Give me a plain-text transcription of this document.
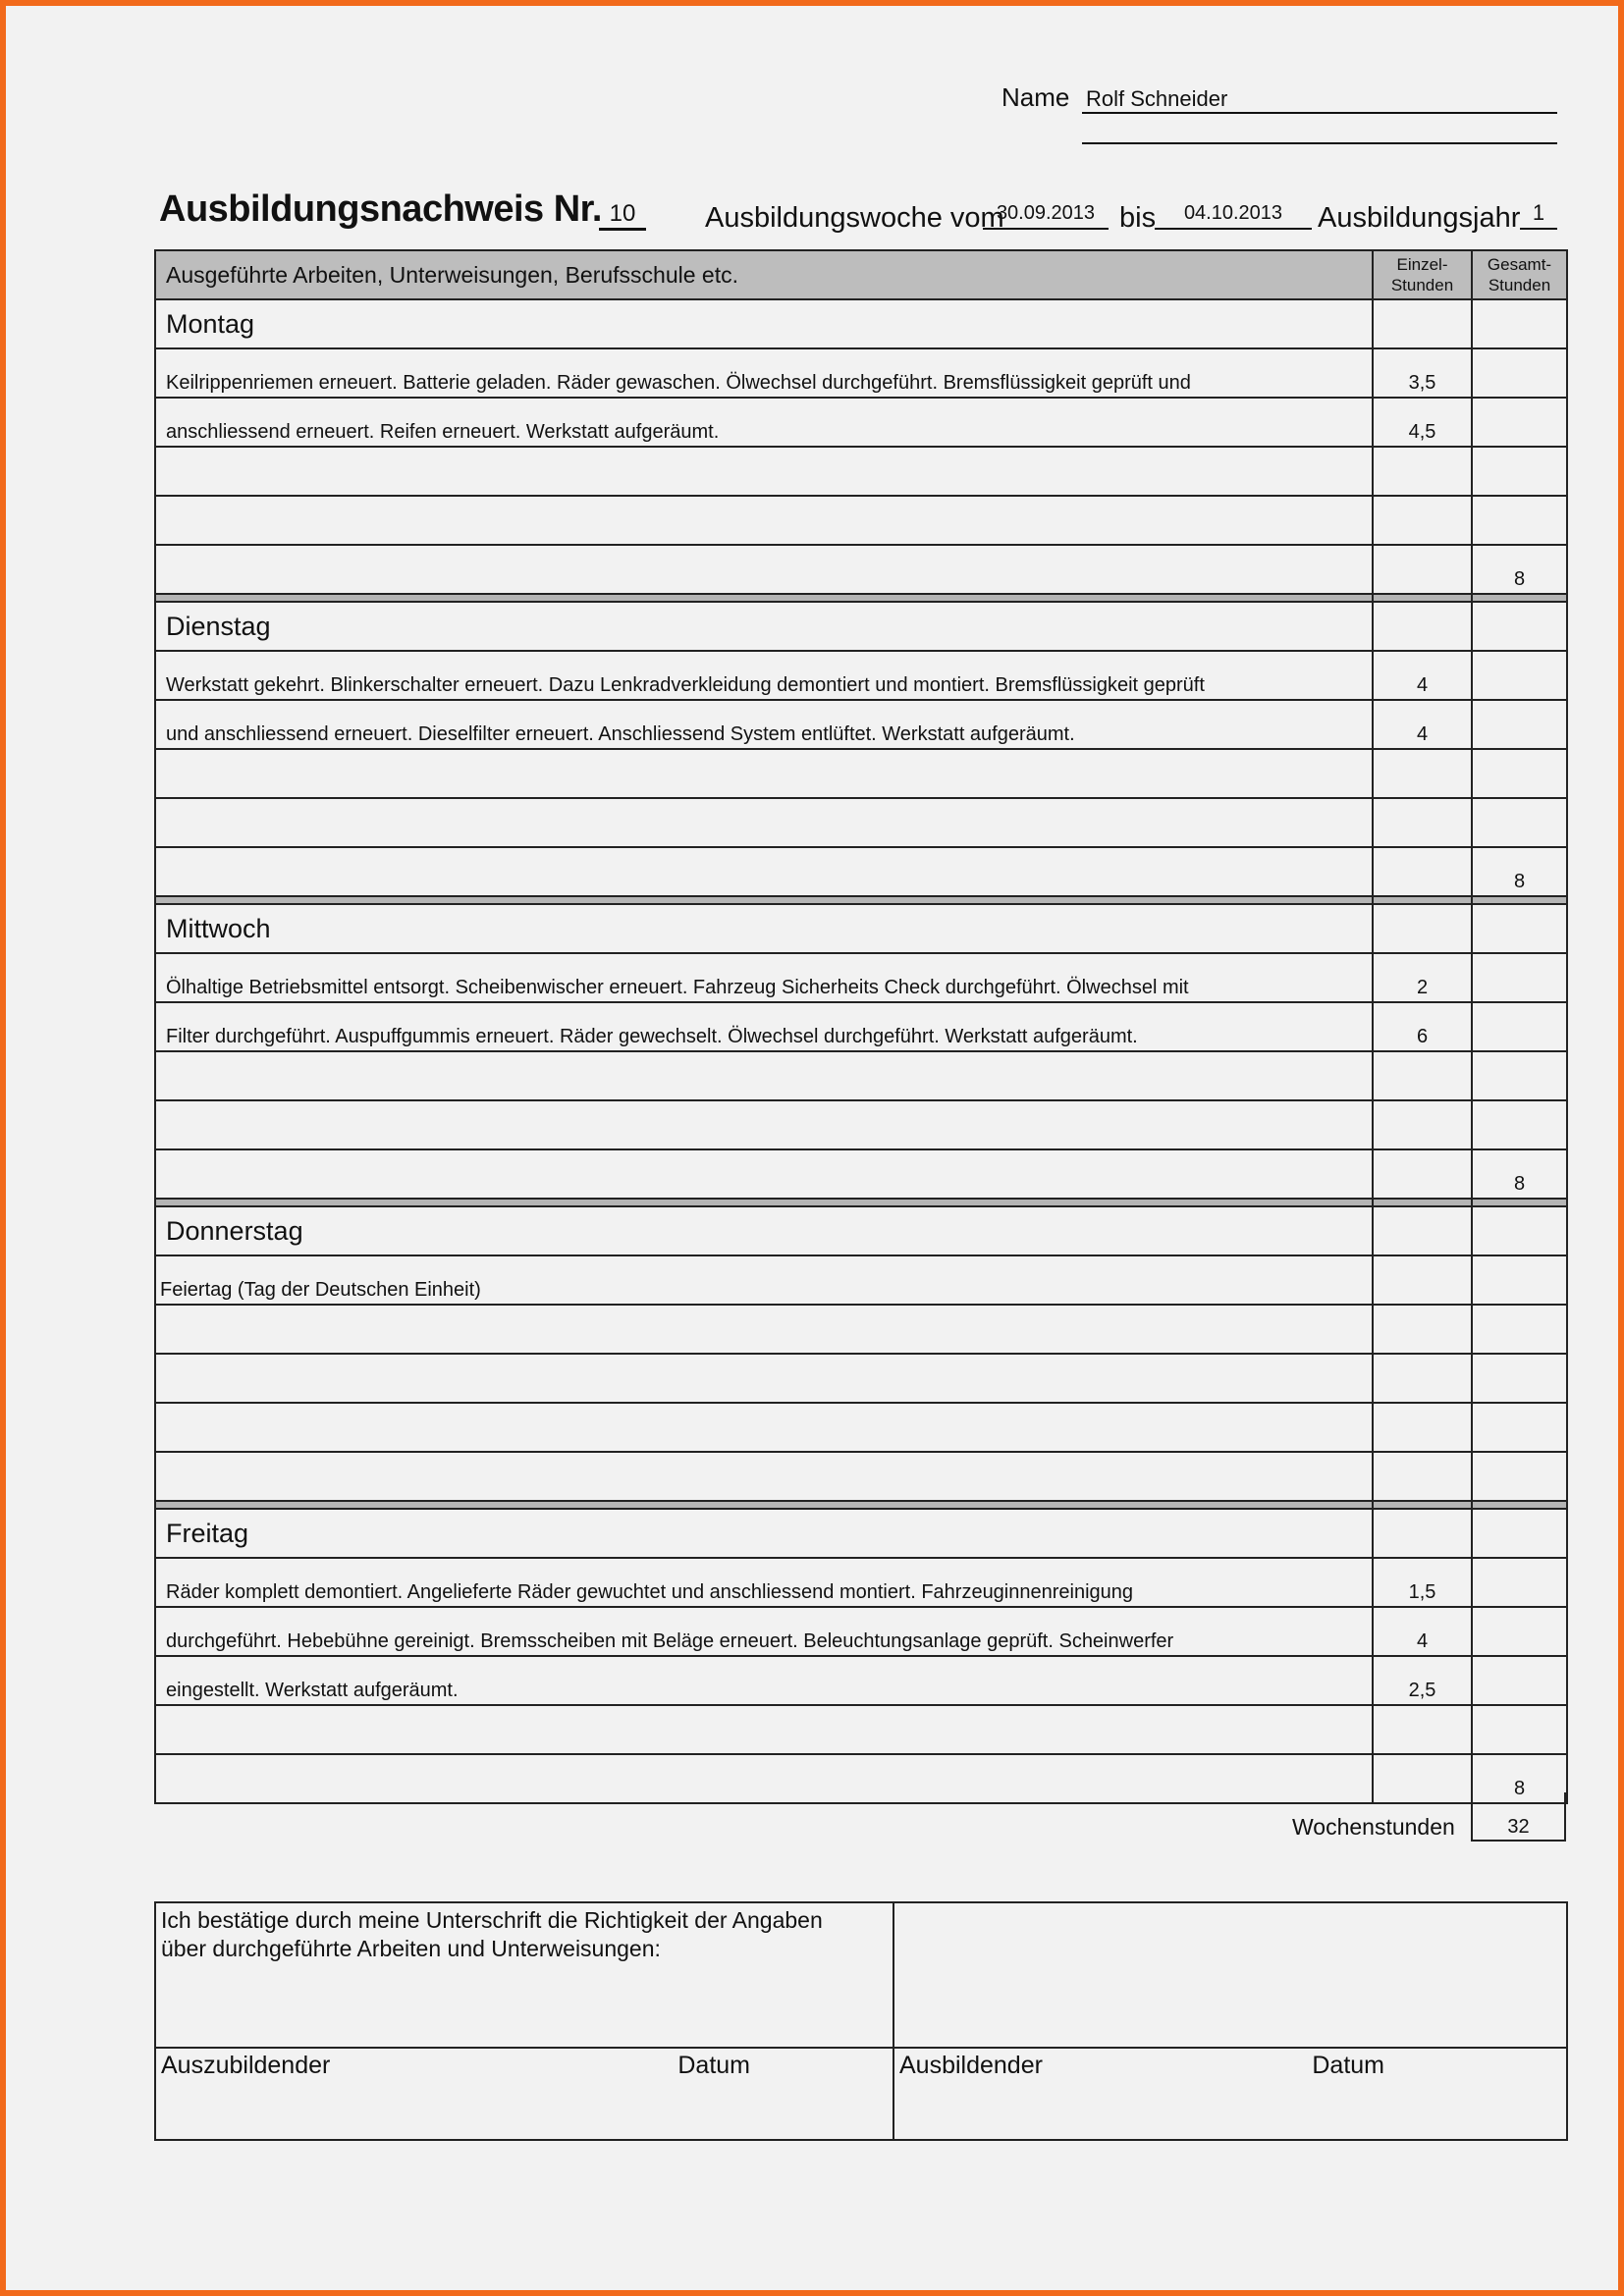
Name Rolf Schneider
Ausbildungsnachweis Nr. 10	Ausbildungswoche vom
30.09.2013 bis	04.10.2013	Ausbildungsjahr 1
Ausgeführte Arbeiten, Unterweisungen, Berufsschule etc.	Einzel-
Stunden	Gesamt-
Stunden
Montag		
Keilrippenriemen erneuert. Batterie geladen. Räder gewaschen. Ölwechsel durchgeführt. Bremsflüssigkeit geprüft und	3,5	
anschliessend erneuert. Reifen erneuert. Werkstatt aufgeräumt.	4,5	

		8

Dienstag		
Werkstatt gekehrt. Blinkerschalter erneuert. Dazu Lenkradverkleidung demontiert und montiert. Bremsflüssigkeit geprüft	4	
und anschliessend erneuert. Dieselfilter erneuert. Anschliessend System entlüftet. Werkstatt aufgeräumt.	4	

		8

Mittwoch		
Ölhaltige Betriebsmittel entsorgt. Scheibenwischer erneuert. Fahrzeug Sicherheits Check durchgeführt. Ölwechsel mit	2	
Filter durchgeführt. Auspuffgummis erneuert. Räder gewechselt. Ölwechsel durchgeführt. Werkstatt aufgeräumt.	6	

		8

Donnerstag		
Feiertag (Tag der Deutschen Einheit)		

Freitag		
Räder komplett demontiert. Angelieferte Räder gewuchtet und anschliessend montiert. Fahrzeuginnenreinigung	1,5	
durchgeführt. Hebebühne gereinigt. Bremsscheiben mit Beläge erneuert. Beleuchtungsanlage geprüft. Scheinwerfer	4	
eingestellt. Werkstatt aufgeräumt.	2,5	

		8
Wochenstunden	32
Ich bestätige durch meine Unterschrift die Richtigkeit der Angaben
über durchgeführte Arbeiten und Unterweisungen:	

Auszubildender Datum	Ausbildender Datum
